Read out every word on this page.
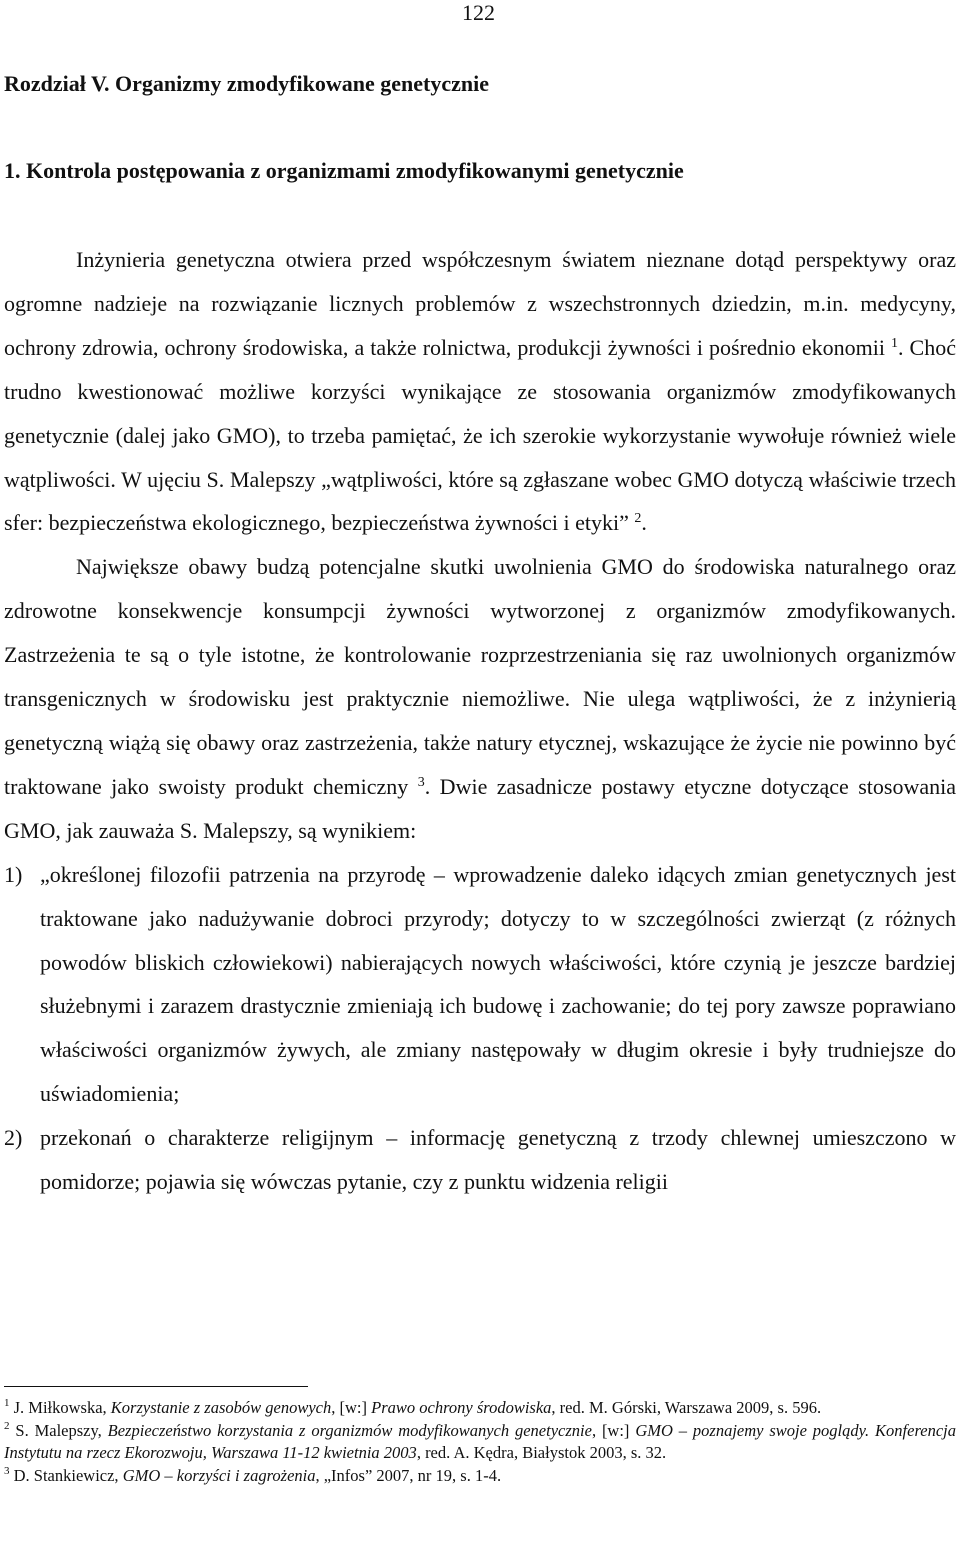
122
Rozdział V. Organizmy zmodyfikowane genetycznie
1. Kontrola postępowania z organizmami zmodyfikowanymi genetycznie

Inżynieria genetyczna otwiera przed współczesnym światem nieznane dotąd perspektywy oraz ogromne nadzieje na rozwiązanie licznych problemów z wszechstronnych dziedzin, m.in. medycyny, ochrony zdrowia, ochrony środowiska, a także rolnictwa, produkcji żywności i pośrednio ekonomii $^1$. Choć trudno kwestionować możliwe korzyści wynikające ze stosowania organizmów zmodyfikowanych genetycznie (dalej jako GMO), to trzeba pamiętać, że ich szerokie wykorzystanie wywołuje również wiele wątpliwości. W ujęciu S. Malepszy „wątpliwości, które są zgłaszane wobec GMO dotyczą właściwie trzech sfer: bezpieczeństwa ekologicznego, bezpieczeństwa żywności i etyki” $^2$.

Największe obawy budzą potencjalne skutki uwolnienia GMO do środowiska naturalnego oraz zdrowotne konsekwencje konsumpcji żywności wytworzonej z organizmów zmodyfikowanych. Zastrzeżenia te są o tyle istotne, że kontrolowanie rozprzestrzeniania się raz uwolnionych organizmów transgenicznych w środowisku jest praktycznie niemożliwe. Nie ulega wątpliwości, że z inżynierią genetyczną wiążą się obawy oraz zastrzeżenia, także natury etycznej, wskazujące że życie nie powinno być traktowane jako swoisty produkt chemiczny $^3$. Dwie zasadnicze postawy etyczne dotyczące stosowania GMO, jak zauważa S. Malepszy, są wynikiem:

1) „określonej filozofii patrzenia na przyrodę – wprowadzenie daleko idących zmian genetycznych jest traktowane jako nadużywanie dobroci przyrody; dotyczy to w szczególności zwierząt (z różnych powodów bliskich człowiekowi) nabierających nowych właściwości, które czynią je jeszcze bardziej służebnymi i zarazem drastycznie zmieniają ich budowę i zachowanie; do tej pory zawsze poprawiano właściwości organizmów żywych, ale zmiany następowały w długim okresie i były trudniejsze do uświadomienia;
2) przekonań o charakterze religijnym – informację genetyczną z trzody chlewnej umieszczono w pomidorze; pojawia się wówczas pytanie, czy z punktu widzenia religii

$^1$ J. Miłkowska, Korzystanie z zasobów genowych, [w:] Prawo ochrony środowiska, red. M. Górski, Warszawa 2009, s. 596.

$^2$ S. Malepszy, Bezpieczeństwo korzystania z organizmów modyfikowanych genetycznie, [w:] GMO – poznajemy swoje poglądy. Konferencja Instytutu na rzecz Ekorozwoju, Warszawa 11-12 kwietnia 2003, red. A. Kędra, Białystok 2003, s. 32.

$^3$ D. Stankiewicz, GMO – korzyści i zagrożenia, „Infos” 2007, nr 19, s. 1-4.
